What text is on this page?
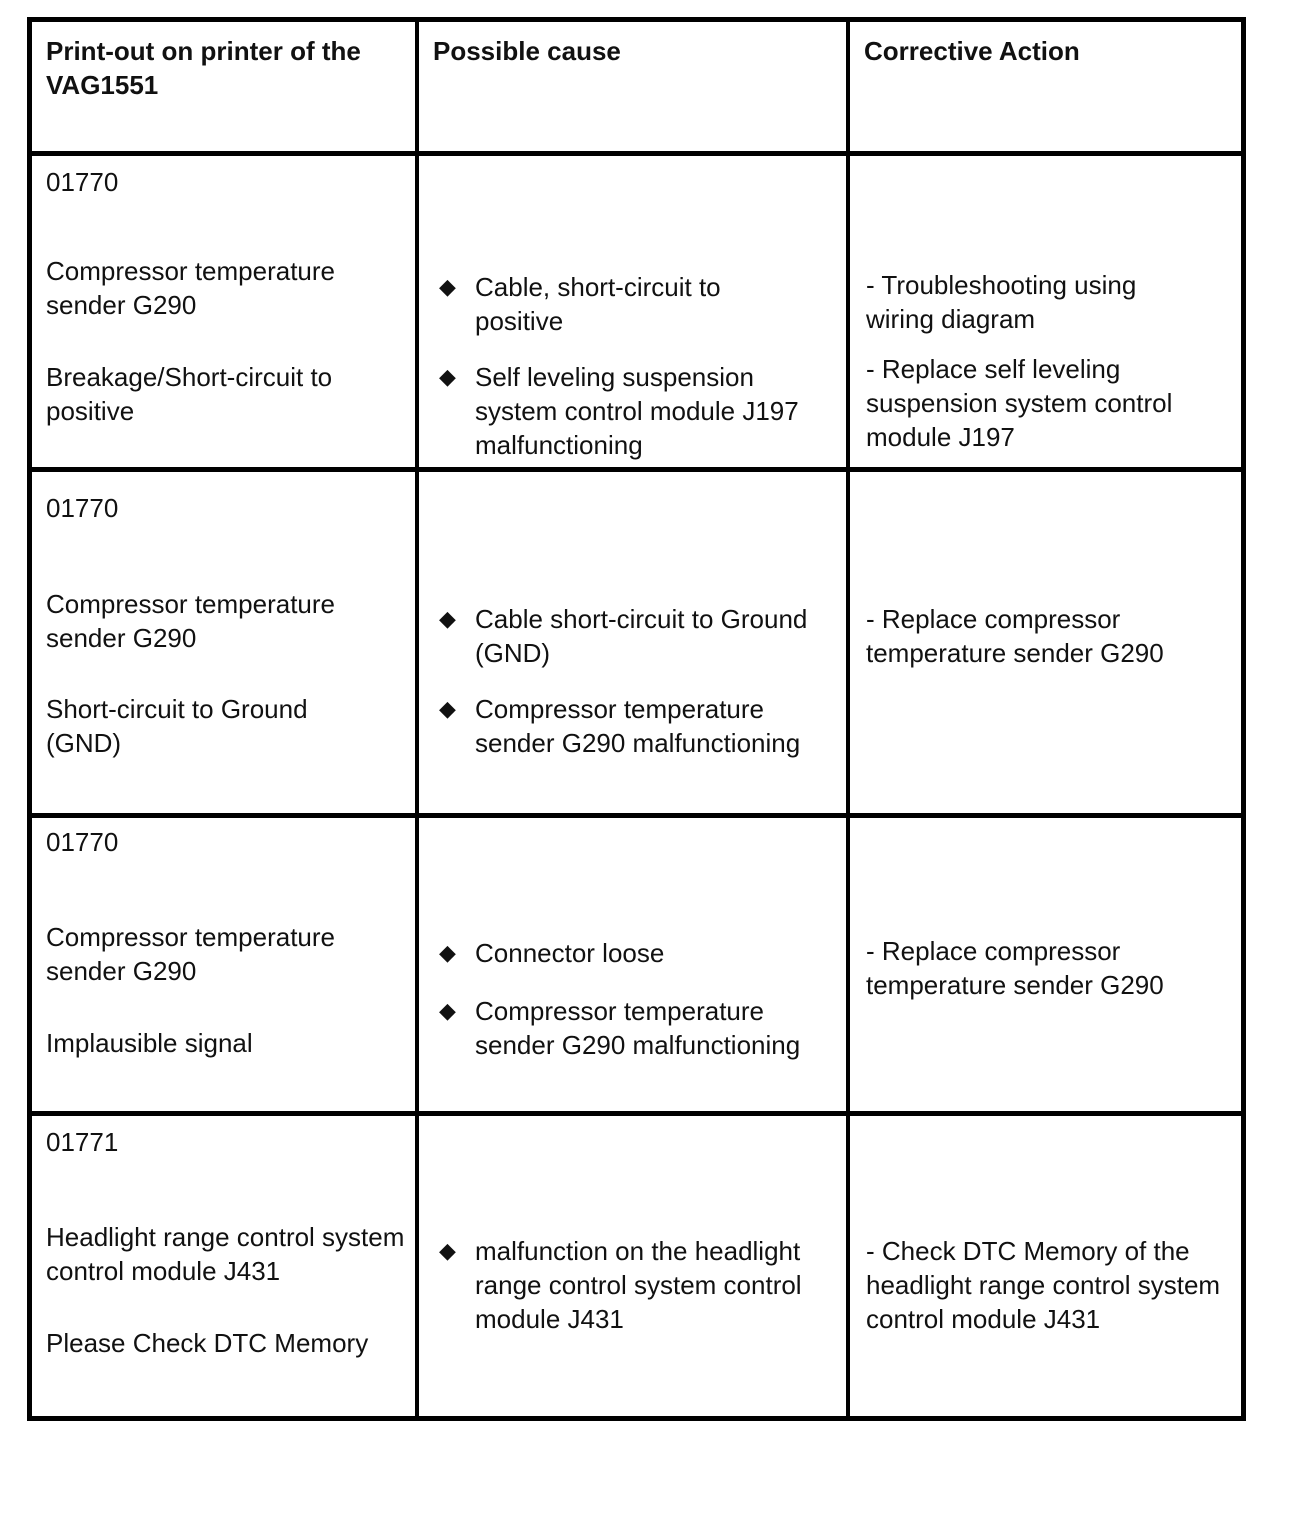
Print-out on printer of the VAG1551
Possible cause	Corrective Action
01770
Compressor temperature sender G290
Breakage/Short-circuit to positive
◆ Cable, short-circuit to positive
◆ Self leveling suspension system control module J197 malfunctioning
- Troubleshooting using wiring diagram
- Replace self leveling suspension system control module J197
01770
Compressor temperature sender G290
Short-circuit to Ground (GND)
◆ Cable short-circuit to Ground (GND)
◆ Compressor temperature sender G290 malfunctioning
- Replace compressor temperature sender G290
01770
Compressor temperature sender G290
Implausible signal
◆ Connector loose
◆ Compressor temperature sender G290 malfunctioning
- Replace compressor temperature sender G290
01771
Headlight range control system control module J431
Please Check DTC Memory
◆ malfunction on the headlight range control system control module J431
- Check DTC Memory of the headlight range control system control module J431
